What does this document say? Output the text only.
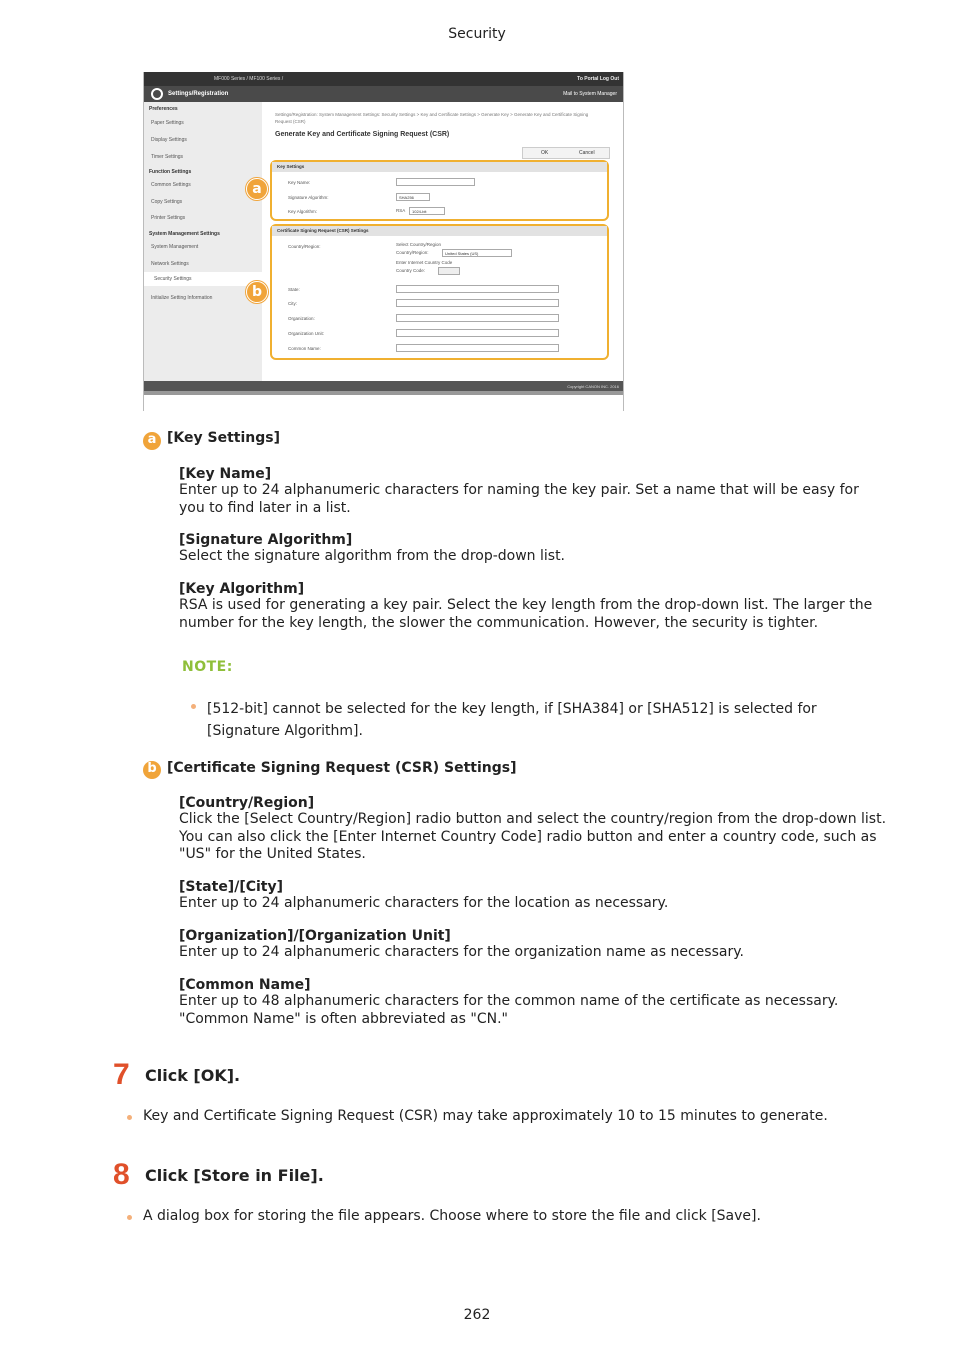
Security
MF000 Series / MF100 Series /	To Portal Log Out
Settings/Registration	Mail to System Manager
Preferences
Paper Settings
Display Settings
Timer Settings
Function Settings
Common Settings
Copy Settings
Printer Settings
System Management Settings
System Management
Network Settings
Security Settings
Initialize Setting Information
Settings/Registration: System Management Settings: Security Settings > Key and Certificate Settings > Generate Key > Generate Key and Certificate Signing Request (CSR)
Generate Key and Certificate Signing Request (CSR)
OK	Cancel
Key Settings
Key Name:
Signature Algorithm:	SHA256
Key Algorithm:	RSA	1024-bit
Certificate Signing Request (CSR) Settings
Country/Region:	Select Country/Region
Country/Region:	United States (US)
Enter Internet Country Code
Country Code:
State:
City:
Organization:
Organization Unit:
Common Name:
Copyright CANON INC. 2016
a
b
a [Key Settings]
[Key Name]
Enter up to 24 alphanumeric characters for naming the key pair. Set a name that will be easy for you to find later in a list.
[Signature Algorithm]
Select the signature algorithm from the drop-down list.
[Key Algorithm]
RSA is used for generating a key pair. Select the key length from the drop-down list. The larger the number for the key length, the slower the communication. However, the security is tighter.
NOTE:
[512-bit] cannot be selected for the key length, if [SHA384] or [SHA512] is selected for [Signature Algorithm].
b [Certificate Signing Request (CSR) Settings]
[Country/Region]
Click the [Select Country/Region] radio button and select the country/region from the drop-down list. You can also click the [Enter Internet Country Code] radio button and enter a country code, such as "US" for the United States.
[State]/[City]
Enter up to 24 alphanumeric characters for the location as necessary.
[Organization]/[Organization Unit]
Enter up to 24 alphanumeric characters for the organization name as necessary.
[Common Name]
Enter up to 48 alphanumeric characters for the common name of the certificate as necessary. "Common Name" is often abbreviated as "CN."
7 Click [OK].
Key and Certificate Signing Request (CSR) may take approximately 10 to 15 minutes to generate.
8 Click [Store in File].
A dialog box for storing the file appears. Choose where to store the file and click [Save].
262
